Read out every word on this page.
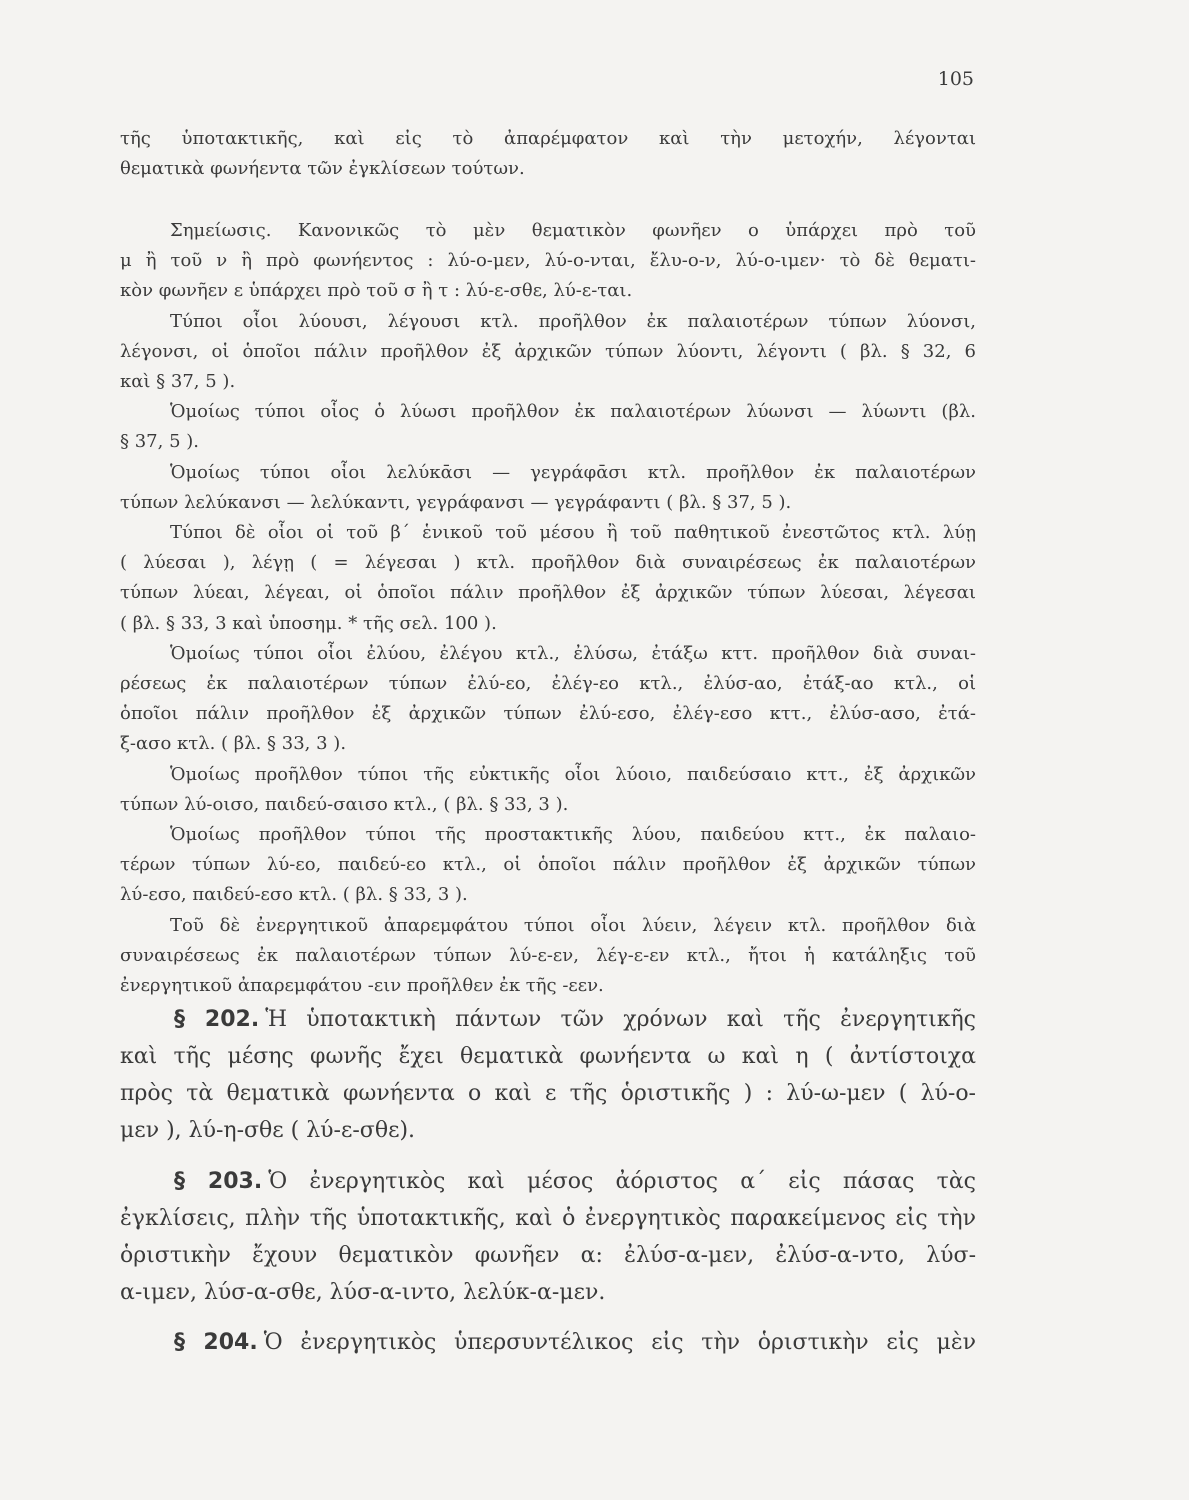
105

τῆς ὑποτακτικῆς, καὶ εἰς τὸ ἀπαρέμφατον καὶ τὴν μετοχήν, λέγονται

θεματικὰ φωνήεντα τῶν ἐγκλίσεων τούτων.

Σημείωσις. Κανονικῶς τὸ μὲν θεματικὸν φωνῆεν ο ὑπάρχει πρὸ τοῦ

μ ἢ τοῦ ν ἢ πρὸ φωνήεντος : λύ-ο-μεν, λύ-ο-νται, ἔλυ-ο-ν, λύ-ο-ιμεν· τὸ δὲ θεματι-

κὸν φωνῆεν ε ὑπάρχει πρὸ τοῦ σ ἢ τ : λύ-ε-σθε, λύ-ε-ται.

Τύποι οἷοι λύουσι, λέγουσι κτλ. προῆλθον ἐκ παλαιοτέρων τύπων λύονσι,

λέγονσι, οἱ ὁποῖοι πάλιν προῆλθον ἐξ ἀρχικῶν τύπων λύοντι, λέγοντι ( βλ. § 32, 6

καὶ § 37, 5 ).

Ὁμοίως τύποι οἷος ὁ λύωσι προῆλθον ἐκ παλαιοτέρων λύωνσι — λύωντι (βλ.

§ 37, 5 ).

Ὁμοίως τύποι οἷοι λελύκᾱσι — γεγράφᾱσι κτλ. προῆλθον ἐκ παλαιοτέρων

τύπων λελύκανσι — λελύκαντι, γεγράφανσι — γεγράφαντι ( βλ. § 37, 5 ).

Τύποι δὲ οἷοι οἱ τοῦ β΄ ἑνικοῦ τοῦ μέσου ἢ τοῦ παθητικοῦ ἐνεστῶτος κτλ. λύῃ

( λύεσαι ), λέγῃ ( = λέγεσαι ) κτλ. προῆλθον διὰ συναιρέσεως ἐκ παλαιοτέρων

τύπων λύεαι, λέγεαι, οἱ ὁποῖοι πάλιν προῆλθον ἐξ ἀρχικῶν τύπων λύεσαι, λέγεσαι

( βλ. § 33, 3 καὶ ὑποσημ. * τῆς σελ. 100 ).

Ὁμοίως τύποι οἷοι ἐλύου, ἐλέγου κτλ., ἐλύσω, ἐτάξω κττ. προῆλθον διὰ συναι-

ρέσεως ἐκ παλαιοτέρων τύπων ἐλύ-εο, ἐλέγ-εο κτλ., ἐλύσ-αο, ἐτάξ-αο κτλ., οἱ

ὁποῖοι πάλιν προῆλθον ἐξ ἀρχικῶν τύπων ἐλύ-εσο, ἐλέγ-εσο κττ., ἐλύσ-ασο, ἐτά-

ξ-ασο κτλ. ( βλ. § 33, 3 ).

Ὁμοίως προῆλθον τύποι τῆς εὐκτικῆς οἷοι λύοιο, παιδεύσαιο κττ., ἐξ ἀρχικῶν

τύπων λύ-οισο, παιδεύ-σαισο κτλ., ( βλ. § 33, 3 ).

Ὁμοίως προῆλθον τύποι τῆς προστακτικῆς λύου, παιδεύου κττ., ἐκ παλαιο-

τέρων τύπων λύ-εο, παιδεύ-εο κτλ., οἱ ὁποῖοι πάλιν προῆλθον ἐξ ἀρχικῶν τύπων

λύ-εσο, παιδεύ-εσο κτλ. ( βλ. § 33, 3 ).

Τοῦ δὲ ἐνεργητικοῦ ἀπαρεμφάτου τύποι οἷοι λύειν, λέγειν κτλ. προῆλθον διὰ

συναιρέσεως ἐκ παλαιοτέρων τύπων λύ-ε-εν, λέγ-ε-εν κτλ., ἤτοι ἡ κατάληξις τοῦ

ἐνεργητικοῦ ἀπαρεμφάτου -ειν προῆλθεν ἐκ τῆς -εεν.

§ 202. Ἡ ὑποτακτικὴ πάντων τῶν χρόνων καὶ τῆς ἐνεργητικῆς

καὶ τῆς μέσης φωνῆς ἔχει θεματικὰ φωνήεντα ω καὶ η ( ἀντίστοιχα

πρὸς τὰ θεματικὰ φωνήεντα ο καὶ ε τῆς ὁριστικῆς ) : λύ-ω-μεν ( λύ-ο-

μεν ), λύ-η-σθε ( λύ-ε-σθε).

§ 203. Ὁ ἐνεργητικὸς καὶ μέσος ἀόριστος α΄ εἰς πάσας τὰς

ἐγκλίσεις, πλὴν τῆς ὑποτακτικῆς, καὶ ὁ ἐνεργητικὸς παρακείμενος εἰς τὴν

ὁριστικὴν ἔχουν θεματικὸν φωνῆεν α: ἐλύσ-α-μεν, ἐλύσ-α-ντο, λύσ-

α-ιμεν, λύσ-α-σθε, λύσ-α-ιντο, λελύκ-α-μεν.

§ 204. Ὁ ἐνεργητικὸς ὑπερσυντέλικος εἰς τὴν ὁριστικὴν εἰς μὲν
